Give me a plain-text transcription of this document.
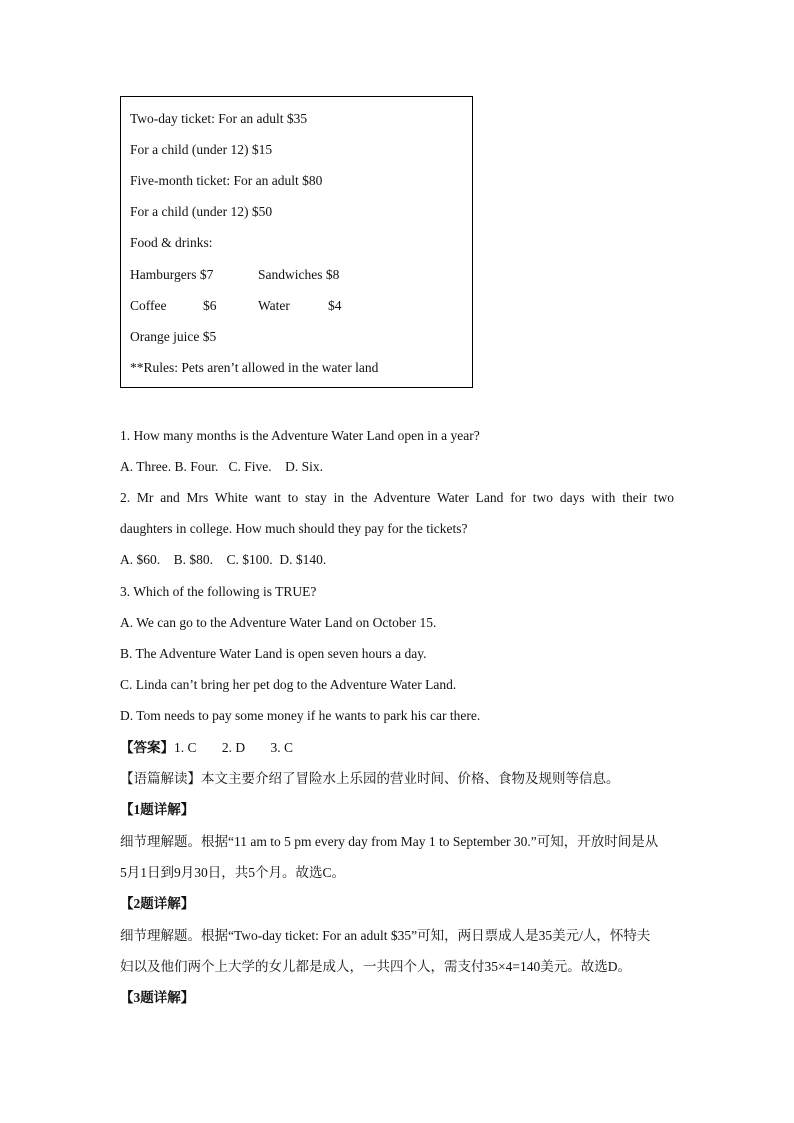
Two-day ticket: For an adult $35
For a child (under 12) $15
Five-month ticket: For an adult $80
For a child (under 12) $50
Food & drinks:
Hamburgers $7	Sandwiches $8
Coffee	$6	Water	$4
Orange juice $5
**Rules: Pets aren’t allowed in the water land
1. How many months is the Adventure Water Land open in a year?
A. Three. B. Four. C. Five. D. Six.
2. Mr and Mrs White want to stay in the Adventure Water Land for two days with their two
daughters in college. How much should they pay for the tickets?
A. $60. B. $80. C. $100. D. $140.
3. Which of the following is TRUE?
A. We can go to the Adventure Water Land on October 15.
B. The Adventure Water Land is open seven hours a day.
C. Linda can’t bring her pet dog to the Adventure Water Land.
D. Tom needs to pay some money if he wants to park his car there.
【答案】1. C 2. D 3. C
【语篇解读】本文主要介绍了冒险水上乐园的营业时间、价格、食物及规则等信息。
【1题详解】
细节理解题。根据“11 am to 5 pm every day from May 1 to September 30.”可知，开放时间是从
5月1日到9月30日，共5个月。故选C。
【2题详解】
细节理解题。根据“Two-day ticket: For an adult $35”可知，两日票成人是35美元/人，怀特夫
妇以及他们两个上大学的女儿都是成人，一共四个人，需支付35×4=140美元。故选D。
【3题详解】
